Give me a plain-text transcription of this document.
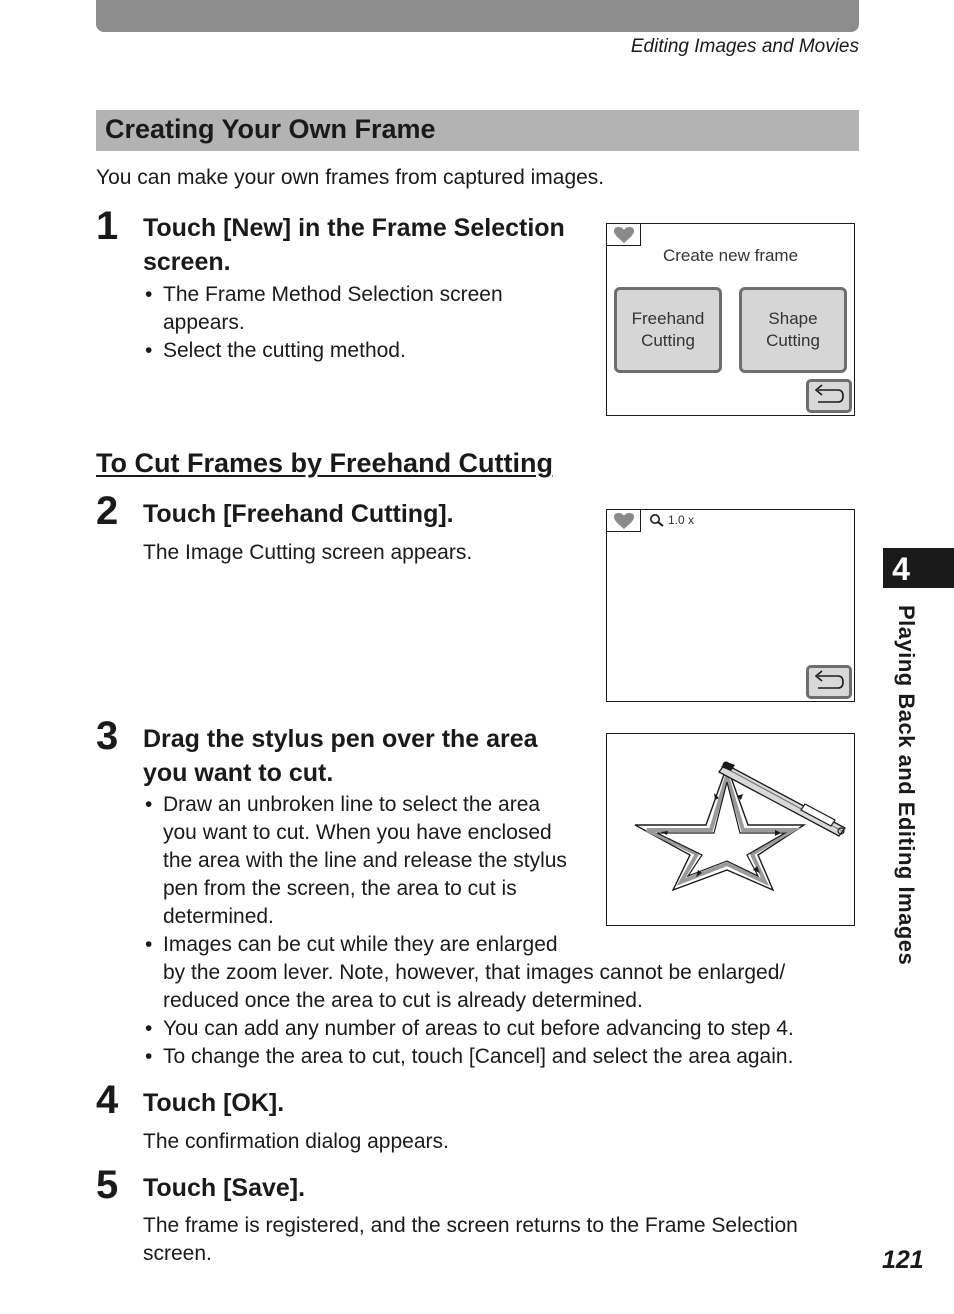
Editing Images and Movies
Creating Your Own Frame
You can make your own frames from captured images.
1 Touch [New] in the Frame Selection
screen.
• The Frame Method Selection screen
appears.
• Select the cutting method.
Create new frame
Freehand
Cutting
Shape
Cutting
To Cut Frames by Freehand Cutting
2 Touch [Freehand Cutting].
The Image Cutting screen appears.
1.0 x
3 Drag the stylus pen over the area
you want to cut.
• Draw an unbroken line to select the area
you want to cut. When you have enclosed
the area with the line and release the stylus
pen from the screen, the area to cut is
determined.
• Images can be cut while they are enlarged
by the zoom lever. Note, however, that images cannot be enlarged/
reduced once the area to cut is already determined.
• You can add any number of areas to cut before advancing to step 4.
• To change the area to cut, touch [Cancel] and select the area again.
4 Touch [OK].
The confirmation dialog appears.
5 Touch [Save].
The frame is registered, and the screen returns to the Frame Selection
screen.
4
Playing Back and Editing Images
121
